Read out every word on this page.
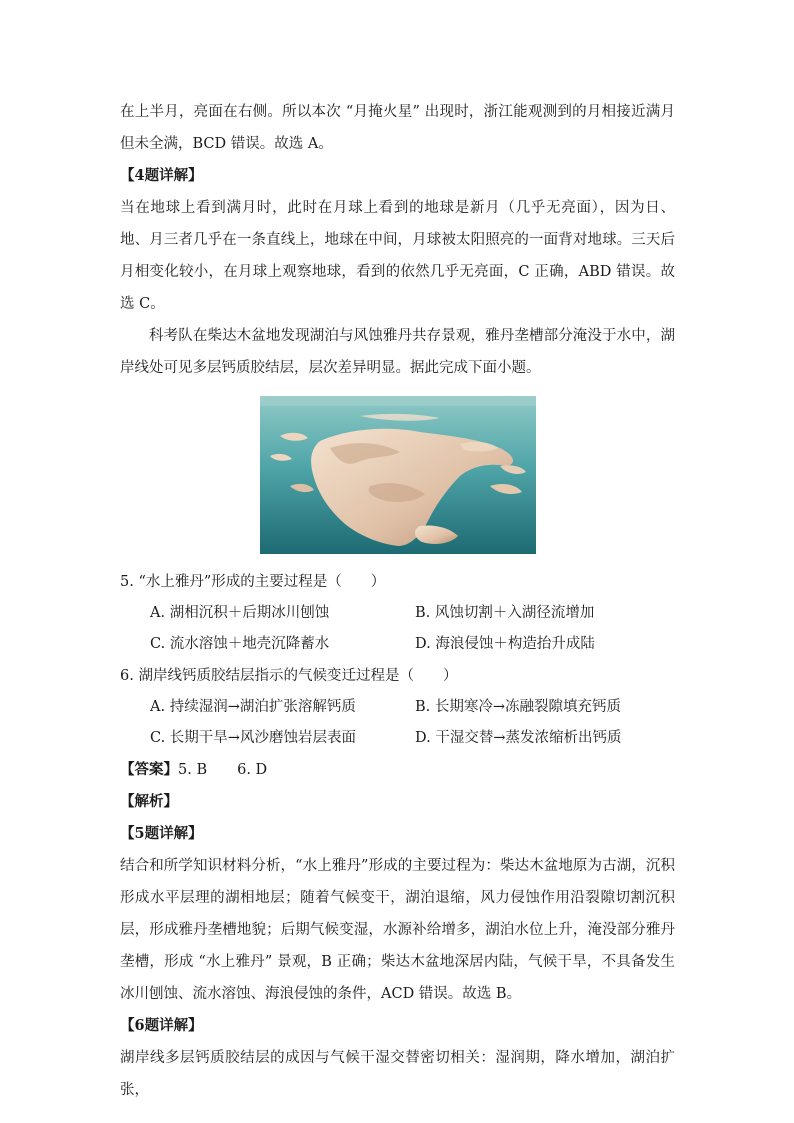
在上半月，亮面在右侧。所以本次 “月掩火星” 出现时，浙江能观测到的月相接近满月但未全满，BCD 错误。故选 A。

【4题详解】

当在地球上看到满月时，此时在月球上看到的地球是新月（几乎无亮面），因为日、地、月三者几乎在一条直线上，地球在中间，月球被太阳照亮的一面背对地球。三天后月相变化较小，在月球上观察地球，看到的依然几乎无亮面，C 正确，ABD 错误。故选 C。

科考队在柴达木盆地发现湖泊与风蚀雅丹共存景观，雅丹垄槽部分淹没于水中，湖岸线处可见多层钙质胶结层，层次差异明显。据此完成下面小题。

5. “水上雅丹”形成的主要过程是（　　）

A. 湖相沉积＋后期冰川刨蚀	B. 风蚀切割＋入湖径流增加

C. 流水溶蚀＋地壳沉降蓄水	D. 海浪侵蚀＋构造抬升成陆

6. 湖岸线钙质胶结层指示的气候变迁过程是（　　）

A. 持续湿润→湖泊扩张溶解钙质	B. 长期寒冷→冻融裂隙填充钙质

C. 长期干旱→风沙磨蚀岩层表面	D. 干湿交替→蒸发浓缩析出钙质

【答案】5. B 6. D

【解析】

【5题详解】

结合和所学知识材料分析，“水上雅丹”形成的主要过程为：柴达木盆地原为古湖，沉积形成水平层理的湖相地层；随着气候变干，湖泊退缩，风力侵蚀作用沿裂隙切割沉积层，形成雅丹垄槽地貌；后期气候变湿，水源补给增多，湖泊水位上升，淹没部分雅丹垄槽，形成 “水上雅丹” 景观，B 正确；柴达木盆地深居内陆，气候干旱，不具备发生冰川刨蚀、流水溶蚀、海浪侵蚀的条件，ACD 错误。故选 B。

【6题详解】

湖岸线多层钙质胶结层的成因与气候干湿交替密切相关：湿润期，降水增加，湖泊扩张，
